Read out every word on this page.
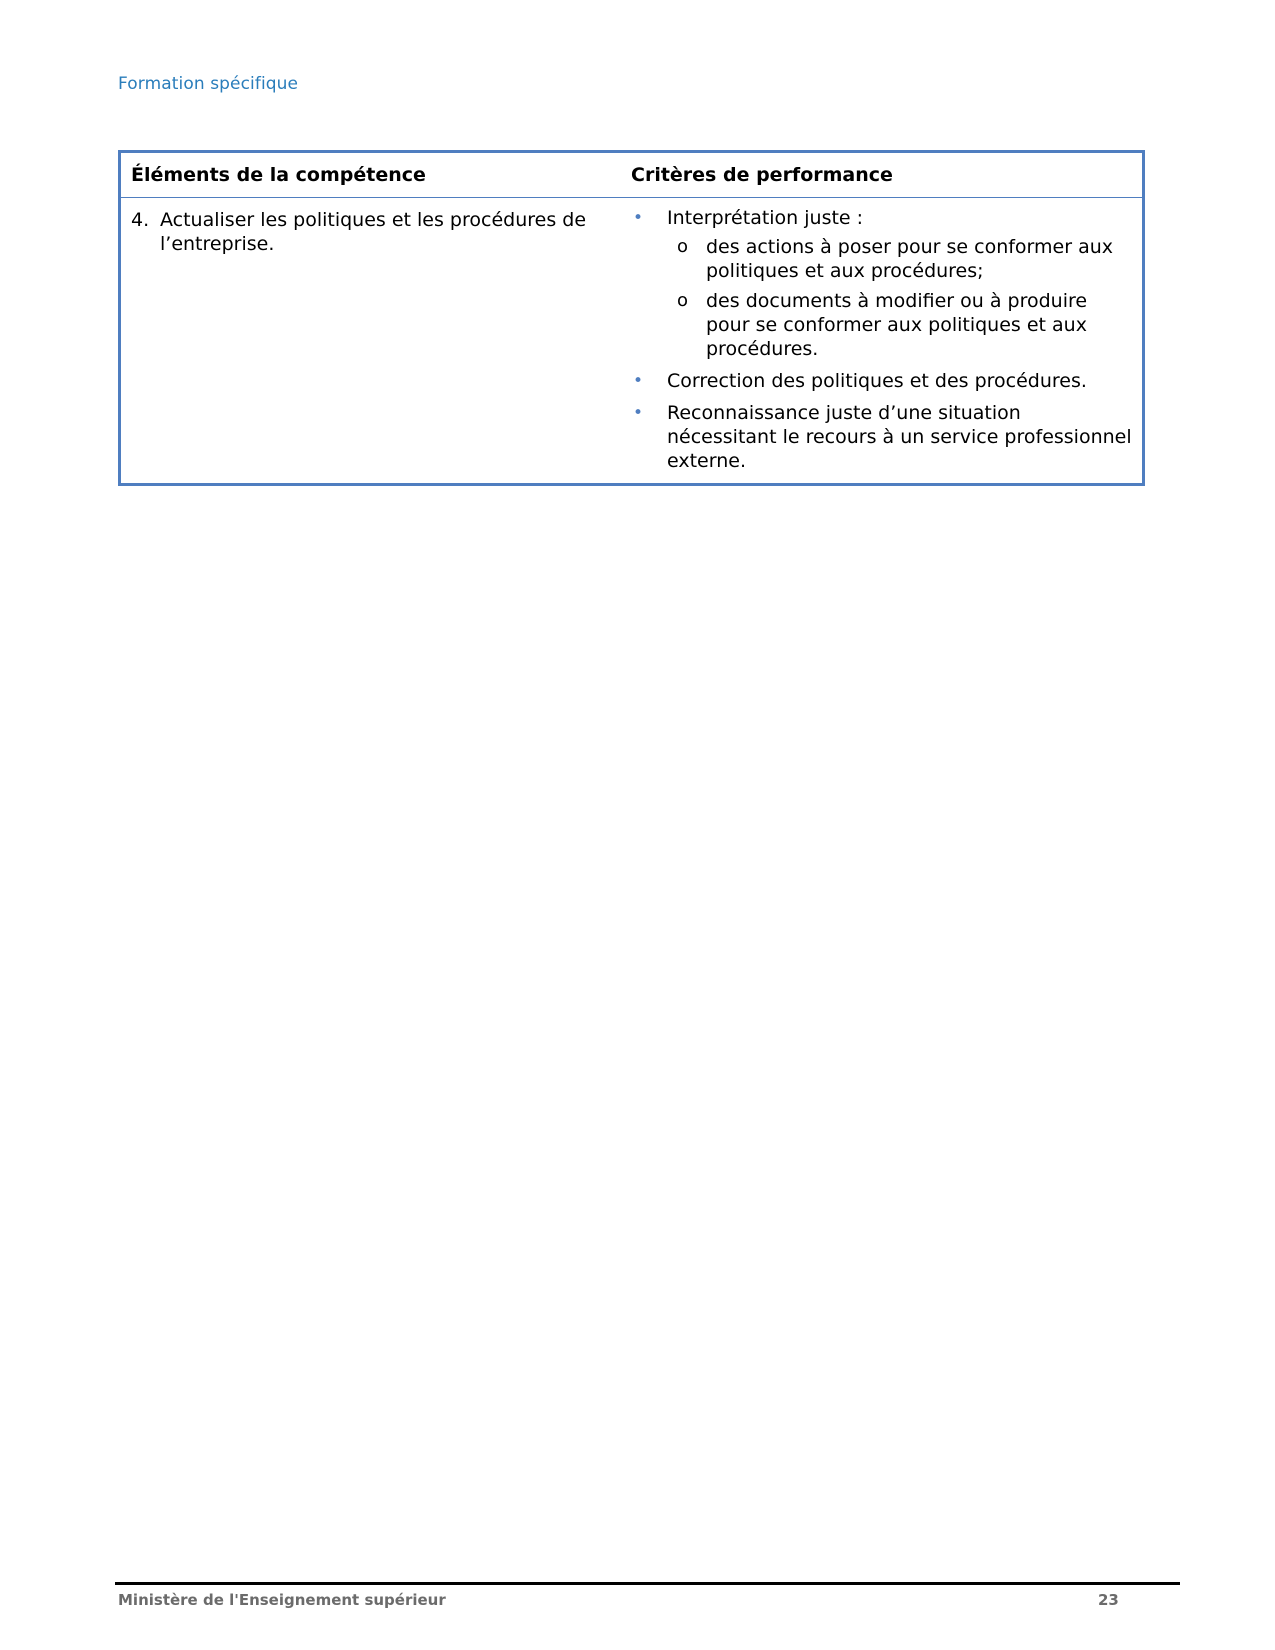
Formation spécifique
Éléments de la compétence	Critères de performance
4. Actualiser les politiques et les procédures de l’entreprise.
•	Interprétation juste :
o des actions à poser pour se conformer aux politiques et aux procédures;
o des documents à modifier ou à produire pour se conformer aux politiques et aux procédures.
•	Correction des politiques et des procédures.
•	Reconnaissance juste d’une situation nécessitant le recours à un service professionnel externe.
Ministère de l'Enseignement supérieur	23
